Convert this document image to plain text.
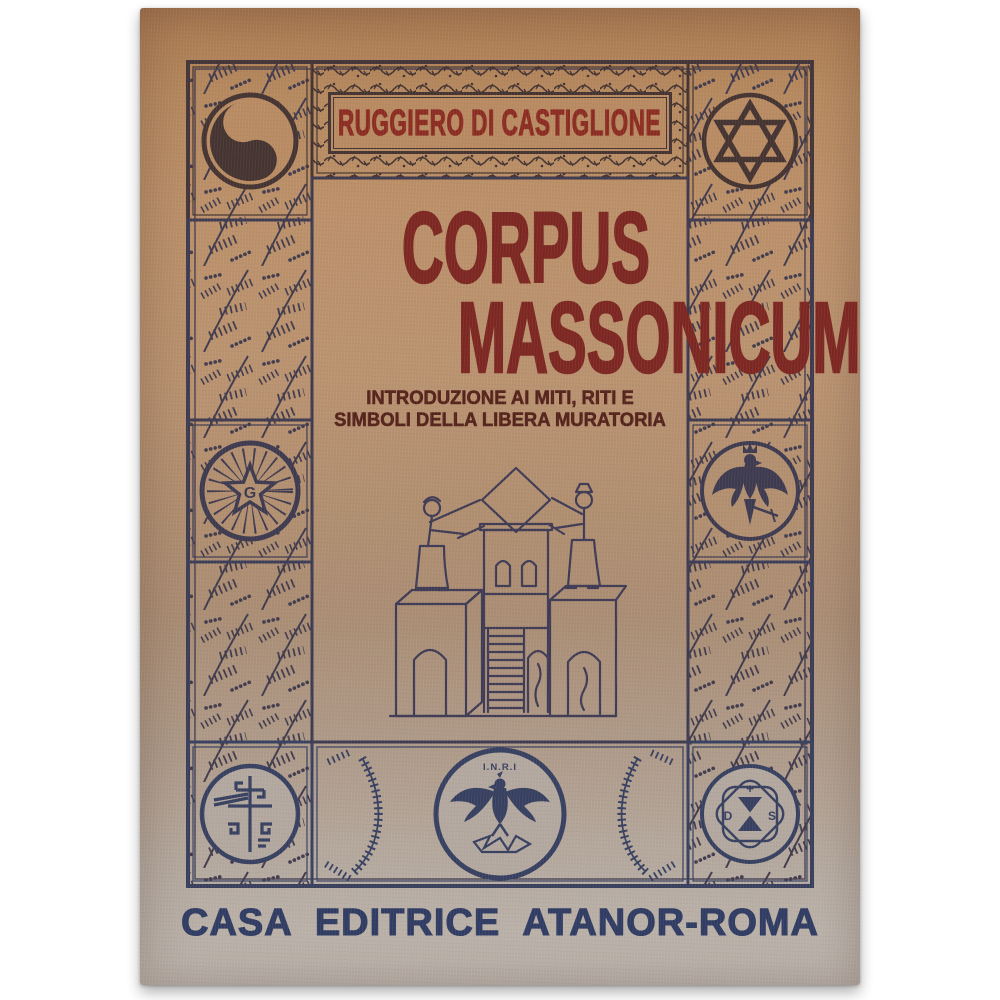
G
+
D	S
I.N.R.I
RUGGIERO DI CASTIGLIONE
CORPUS
MASSONICUM
INTRODUZIONE AI MITI, RITI E
SIMBOLI DELLA LIBERA MURATORIA
CASA EDITRICE ATANOR-ROMA
